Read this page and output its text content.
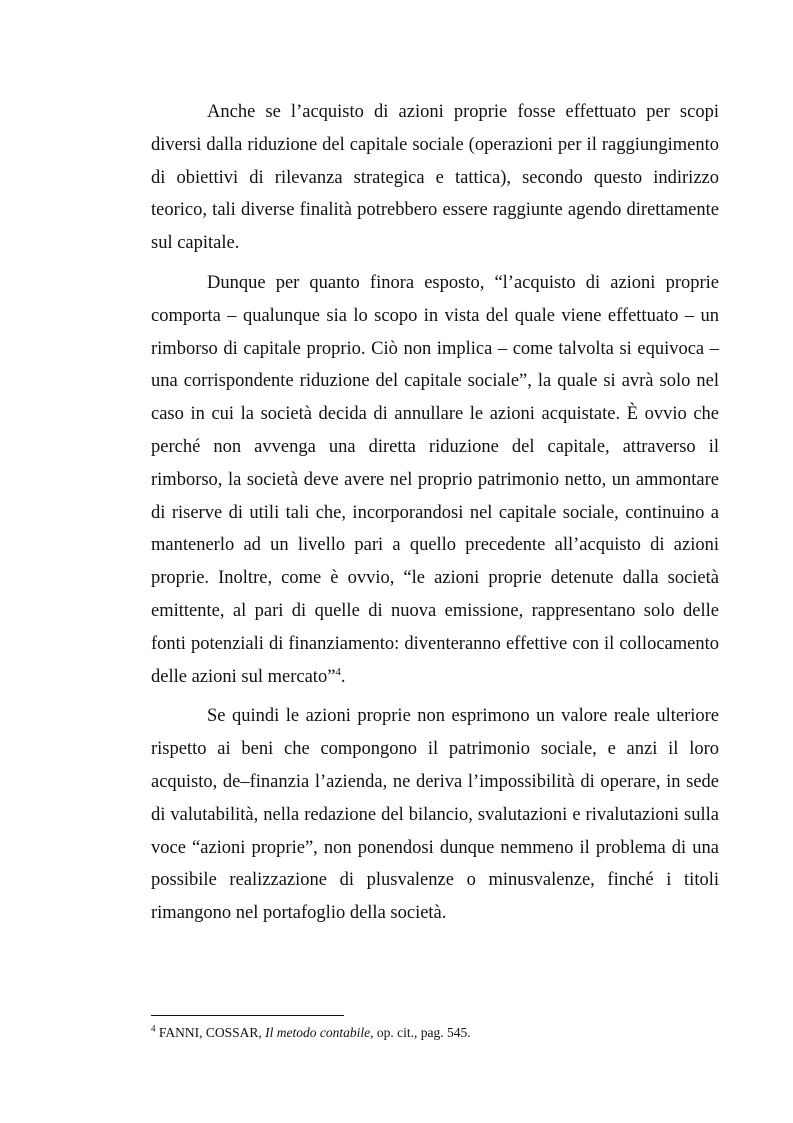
Anche se l’acquisto di azioni proprie fosse effettuato per scopi diversi dalla riduzione del capitale sociale (operazioni per il raggiungimento di obiettivi di rilevanza strategica e tattica), secondo questo indirizzo teorico, tali diverse finalità potrebbero essere raggiunte agendo direttamente sul capitale.

Dunque per quanto finora esposto, “l’acquisto di azioni proprie comporta – qualunque sia lo scopo in vista del quale viene effettuato – un rimborso di capitale proprio. Ciò non implica – come talvolta si equivoca – una corrispondente riduzione del capitale sociale”, la quale si avrà solo nel caso in cui la società decida di annullare le azioni acquistate. È ovvio che perché non avvenga una diretta riduzione del capitale, attraverso il rimborso, la società deve avere nel proprio patrimonio netto, un ammontare di riserve di utili tali che, incorporandosi nel capitale sociale, continuino a mantenerlo ad un livello pari a quello precedente all’acquisto di azioni proprie. Inoltre, come è ovvio, “le azioni proprie detenute dalla società emittente, al pari di quelle di nuova emissione, rappresentano solo delle fonti potenziali di finanziamento: diventeranno effettive con il collocamento delle azioni sul mercato”$^4$.

Se quindi le azioni proprie non esprimono un valore reale ulteriore rispetto ai beni che compongono il patrimonio sociale, e anzi il loro acquisto, de–finanzia l’azienda, ne deriva l’impossibilità di operare, in sede di valutabilità, nella redazione del bilancio, svalutazioni e rivalutazioni sulla voce “azioni proprie”, non ponendosi dunque nemmeno il problema di una possibile realizzazione di plusvalenze o minusvalenze, finché i titoli rimangono nel portafoglio della società.

$^4$ FANNI, COSSAR, Il metodo contabile, op. cit., pag. 545.
